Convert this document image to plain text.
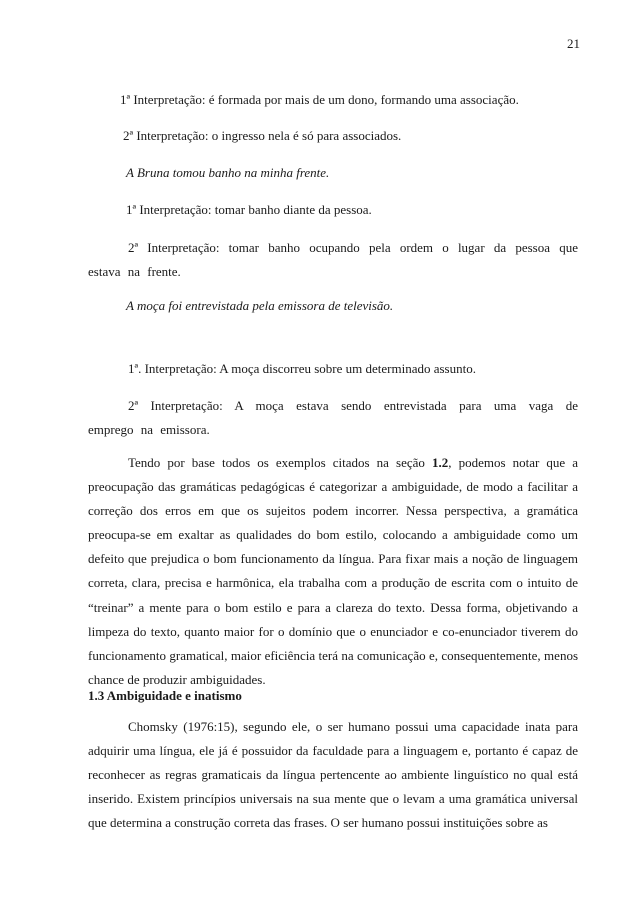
21
1ª Interpretação: é formada por mais de um dono, formando uma associação.
2ª Interpretação: o ingresso nela é só para associados.
A Bruna tomou banho na minha frente.
1ª Interpretação: tomar banho diante da pessoa.
2ª Interpretação: tomar banho ocupando pela ordem o lugar da pessoa que estava na frente.
A moça foi entrevistada pela emissora de televisão.
1ª. Interpretação: A moça discorreu sobre um determinado assunto.
2ª Interpretação: A moça estava sendo entrevistada para uma vaga de emprego na emissora.
Tendo por base todos os exemplos citados na seção 1.2, podemos notar que a preocupação das gramáticas pedagógicas é categorizar a ambiguidade, de modo a facilitar a correção dos erros em que os sujeitos podem incorrer. Nessa perspectiva, a gramática preocupa-se em exaltar as qualidades do bom estilo, colocando a ambiguidade como um defeito que prejudica o bom funcionamento da língua. Para fixar mais a noção de linguagem correta, clara, precisa e harmônica, ela trabalha com a produção de escrita com o intuito de “treinar” a mente para o bom estilo e para a clareza do texto. Dessa forma, objetivando a limpeza do texto, quanto maior for o domínio que o enunciador e co-enunciador tiverem do funcionamento gramatical, maior eficiência terá na comunicação e, consequentemente, menos chance de produzir ambiguidades.
1.3 Ambiguidade e inatismo
Chomsky (1976:15), segundo ele, o ser humano possui uma capacidade inata para adquirir uma língua, ele já é possuidor da faculdade para a linguagem e, portanto é capaz de reconhecer as regras gramaticais da língua pertencente ao ambiente linguístico no qual está inserido. Existem princípios universais na sua mente que o levam a uma gramática universal que determina a construção correta das frases. O ser humano possui instituições sobre as
